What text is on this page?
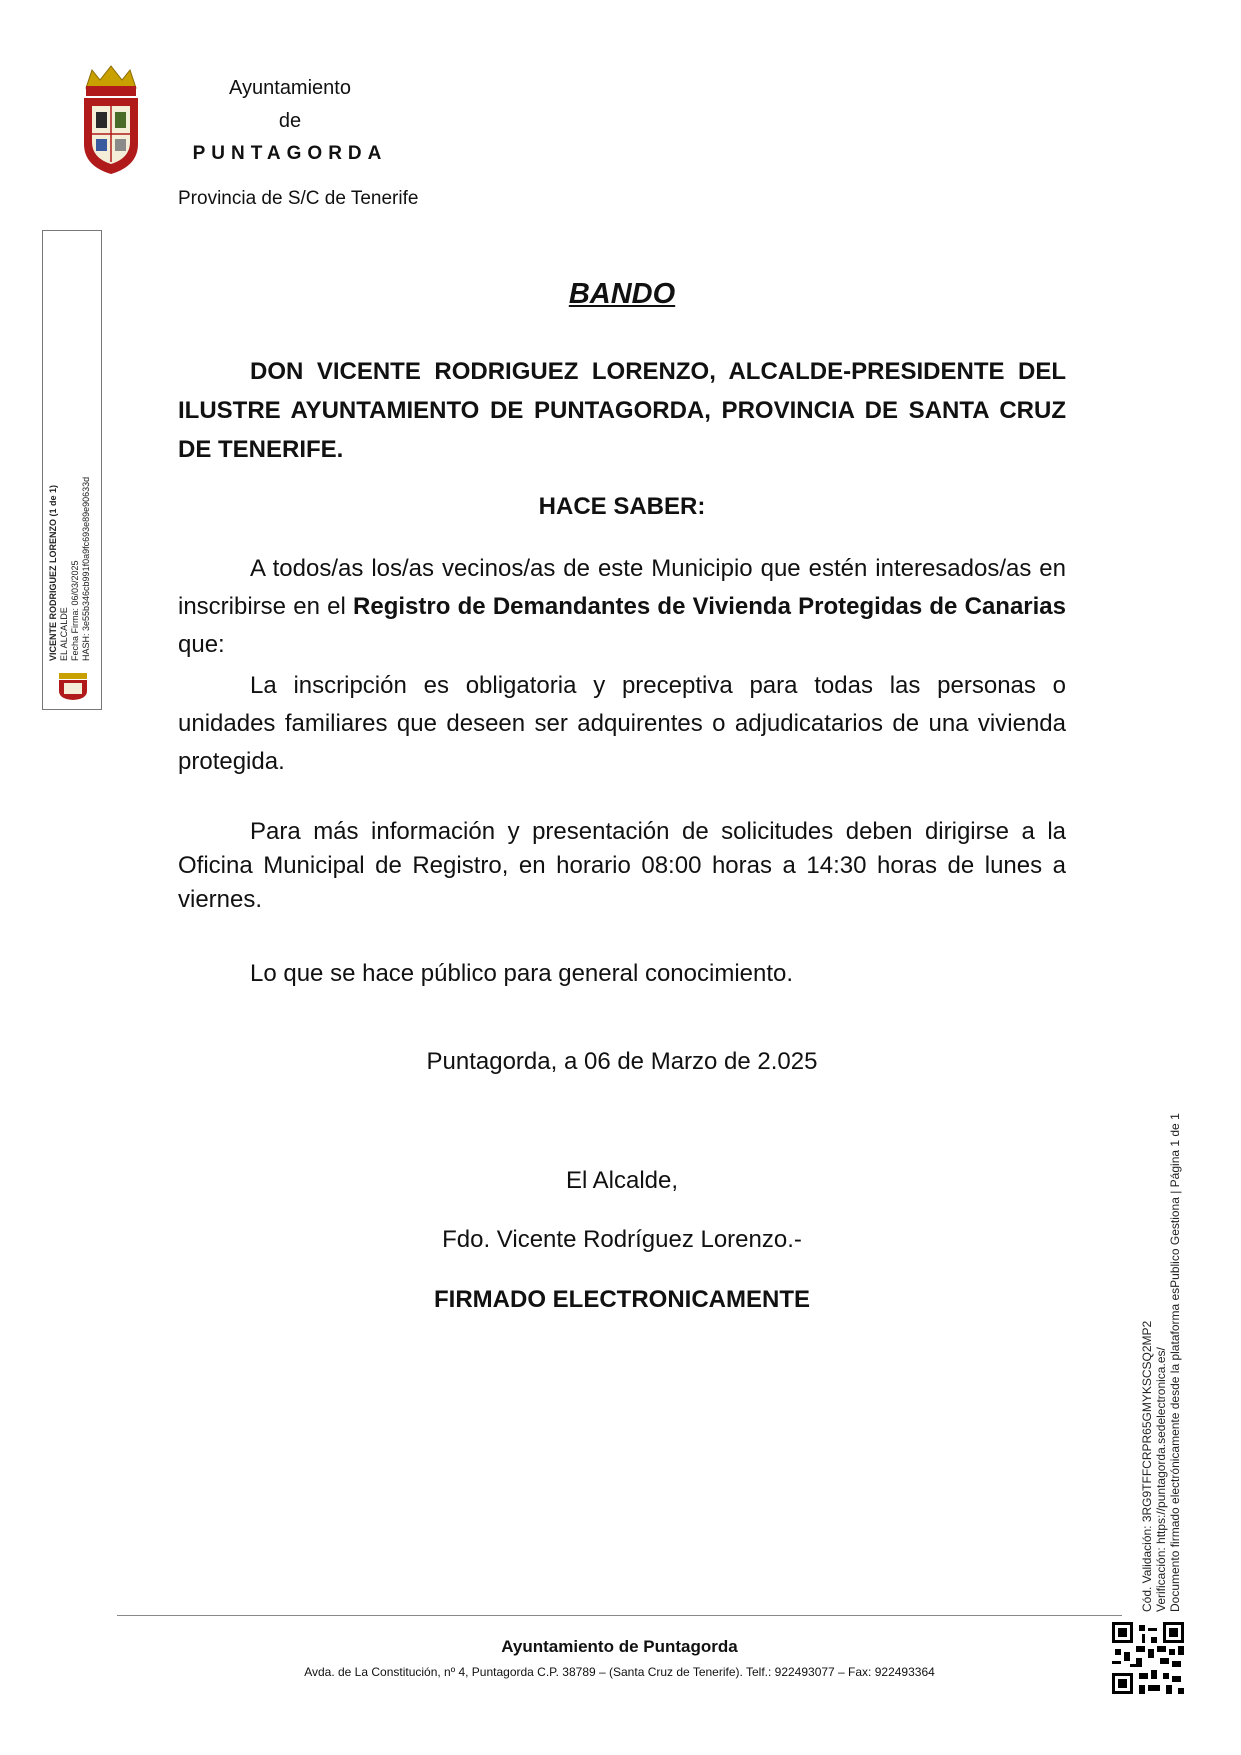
Ayuntamiento
de
PUNTAGORDA
Provincia de S/C de Tenerife
VICENTE RODRIGUEZ LORENZO (1 de 1) EL ALCALDE Fecha Firma: 06/03/2025 HASH: 3e55b346cb991f0a9fc693e89e90633d
BANDO
DON VICENTE RODRIGUEZ LORENZO, ALCALDE-PRESIDENTE DEL ILUSTRE AYUNTAMIENTO DE PUNTAGORDA, PROVINCIA DE SANTA CRUZ DE TENERIFE.
HACE SABER:
A todos/as los/as vecinos/as de este Municipio que estén interesados/as en inscribirse en el Registro de Demandantes de Vivienda Protegidas de Canarias que:
La inscripción es obligatoria y preceptiva para todas las personas o unidades familiares que deseen ser adquirentes o adjudicatarios de una vivienda protegida.
Para más información y presentación de solicitudes deben dirigirse a la Oficina Municipal de Registro, en horario 08:00 horas a 14:30 horas de lunes a viernes.
Lo que se hace público para general conocimiento.
Puntagorda, a 06 de Marzo de 2.025
El Alcalde,
Fdo. Vicente Rodríguez Lorenzo.-
FIRMADO ELECTRONICAMENTE
Cód. Validación: 3RG9TFFCRPR65GMYKSCSQ2MP2 Verificación: https://puntagorda.sedelectronica.es/ Documento firmado electrónicamente desde la plataforma esPublico Gestiona | Página 1 de 1
Ayuntamiento de Puntagorda
Avda. de La Constitución, nº 4, Puntagorda C.P. 38789 – (Santa Cruz de Tenerife). Telf.: 922493077 – Fax: 922493364
